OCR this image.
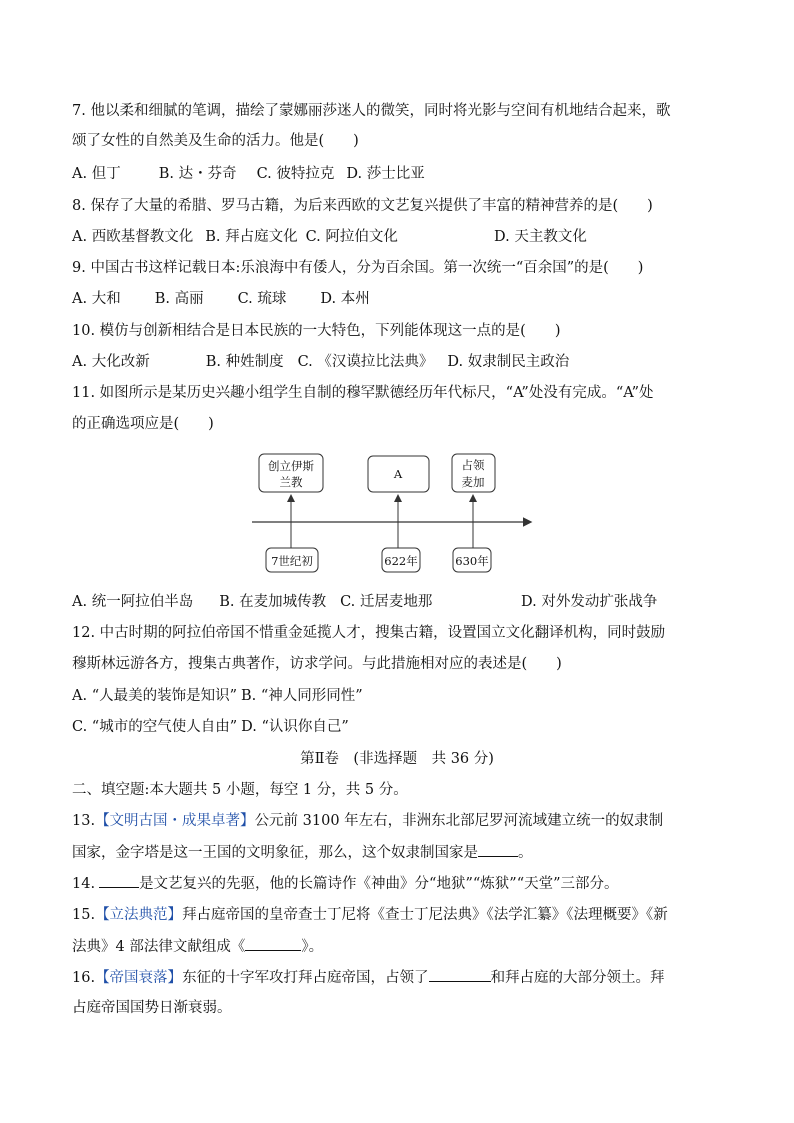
7. 他以柔和细腻的笔调，描绘了蒙娜丽莎迷人的微笑，同时将光影与空间有机地结合起来，歌
颂了女性的自然美及生命的活力。他是(　　)
A. 但丁	B. 达・芬奇 C. 彼特拉克 D. 莎士比亚
8. 保存了大量的希腊、罗马古籍，为后来西欧的文艺复兴提供了丰富的精神营养的是(　　)
A. 西欧基督教文化 B. 拜占庭文化 C. 阿拉伯文化	D. 天主教文化
9. 中国古书这样记载日本:乐浪海中有倭人，分为百余国。第一次统一“百余国”的是(　　)
A. 大和 B. 高丽 C. 琉球 D. 本州
10. 模仿与创新相结合是日本民族的一大特色，下列能体现这一点的是(　　)
A. 大化改新	B. 种姓制度 C. 《汉谟拉比法典》 D. 奴隶制民主政治
11. 如图所示是某历史兴趣小组学生自制的穆罕默德经历年代标尺，“A”处没有完成。“A”处
的正确选项应是(　　)
创立伊斯
兰教
A
占领
麦加
7世纪初	622年	630年
A. 统一阿拉伯半岛 B. 在麦加城传教 C. 迁居麦地那	D. 对外发动扩张战争
12. 中古时期的阿拉伯帝国不惜重金延揽人才，搜集古籍，设置国立文化翻译机构，同时鼓励
穆斯林远游各方，搜集古典著作，访求学问。与此措施相对应的表述是(　　)
A. “人最美的装饰是知识” B. “神人同形同性”
C. “城市的空气使人自由” D. “认识你自己”
第Ⅱ卷　(非选择题　共 36 分)
二、填空题:本大题共 5 小题，每空 1 分，共 5 分。
13.【文明古国・成果卓著】公元前 3100 年左右，非洲东北部尼罗河流域建立统一的奴隶制
国家，金字塔是这一王国的文明象征，那么，这个奴隶制国家是	。
14.	是文艺复兴的先驱，他的长篇诗作《神曲》分“地狱”“炼狱”“天堂”三部分。
15.【立法典范】拜占庭帝国的皇帝查士丁尼将《查士丁尼法典》《法学汇纂》《法理概要》《新
法典》4 部法律文献组成《	》。
16.【帝国衰落】东征的十字军攻打拜占庭帝国，占领了	和拜占庭的大部分领土。拜
占庭帝国国势日渐衰弱。
